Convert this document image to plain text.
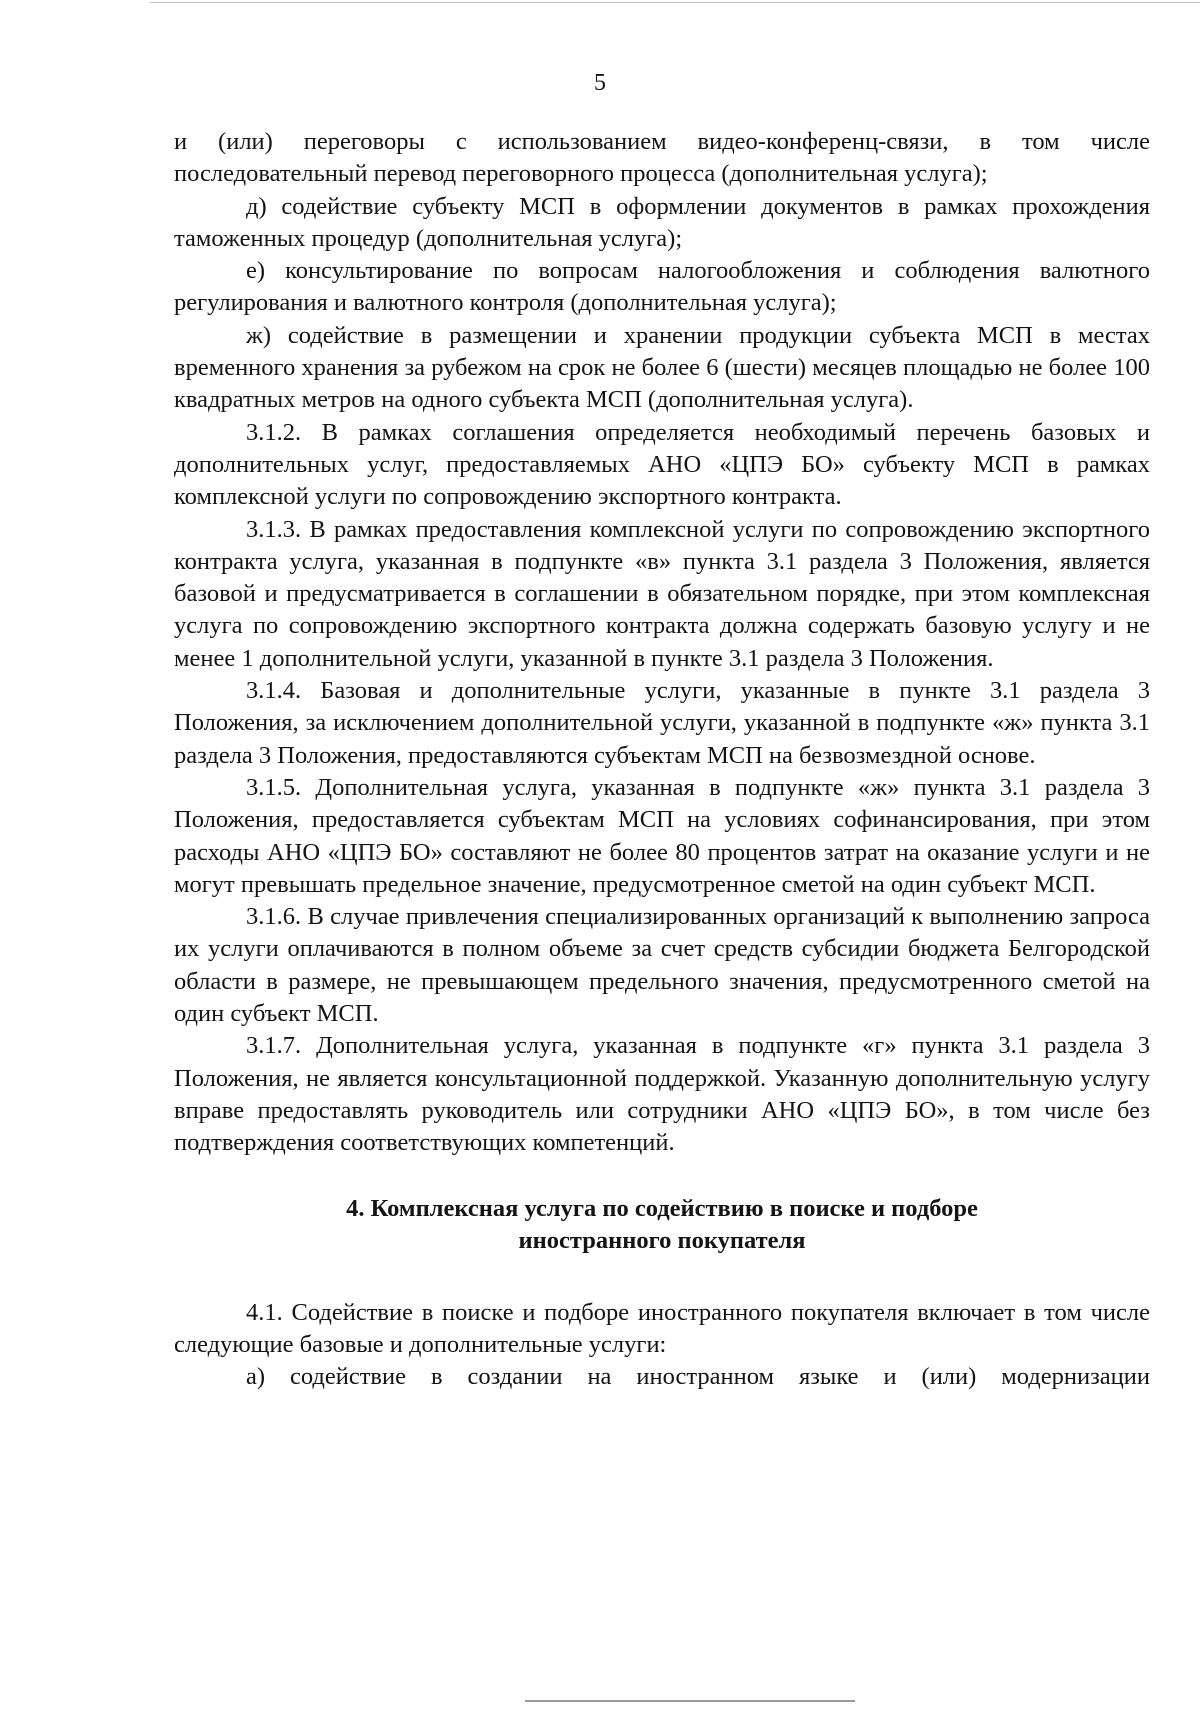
5

и (или) переговоры с использованием видео-конференц-связи, в том числе последовательный перевод переговорного процесса (дополнительная услуга);

д) содействие субъекту МСП в оформлении документов в рамках прохождения таможенных процедур (дополнительная услуга);

е) консультирование по вопросам налогообложения и соблюдения валютного регулирования и валютного контроля (дополнительная услуга);

ж) содействие в размещении и хранении продукции субъекта МСП в местах временного хранения за рубежом на срок не более 6 (шести) месяцев площадью не более 100 квадратных метров на одного субъекта МСП (дополнительная услуга).

3.1.2. В рамках соглашения определяется необходимый перечень базовых и дополнительных услуг, предоставляемых АНО «ЦПЭ БО» субъекту МСП в рамках комплексной услуги по сопровождению экспортного контракта.

3.1.3. В рамках предоставления комплексной услуги по сопровождению экспортного контракта услуга, указанная в подпункте «в» пункта 3.1 раздела 3 Положения, является базовой и предусматривается в соглашении в обязательном порядке, при этом комплексная услуга по сопровождению экспортного контракта должна содержать базовую услугу и не менее 1 дополнительной услуги, указанной в пункте 3.1 раздела 3 Положения.

3.1.4. Базовая и дополнительные услуги, указанные в пункте 3.1 раздела 3 Положения, за исключением дополнительной услуги, указанной в подпункте «ж» пункта 3.1 раздела 3 Положения, предоставляются субъектам МСП на безвозмездной основе.

3.1.5. Дополнительная услуга, указанная в подпункте «ж» пункта 3.1 раздела 3 Положения, предоставляется субъектам МСП на условиях софинансирования, при этом расходы АНО «ЦПЭ БО» составляют не более 80 процентов затрат на оказание услуги и не могут превышать предельное значение, предусмотренное сметой на один субъект МСП.

3.1.6. В случае привлечения специализированных организаций к выполнению запроса их услуги оплачиваются в полном объеме за счет средств субсидии бюджета Белгородской области в размере, не превышающем предельного значения, предусмотренного сметой на один субъект МСП.

3.1.7. Дополнительная услуга, указанная в подпункте «г» пункта 3.1 раздела 3 Положения, не является консультационной поддержкой. Указанную дополнительную услугу вправе предоставлять руководитель или сотрудники АНО «ЦПЭ БО», в том числе без подтверждения соответствующих компетенций.

4. Комплексная услуга по содействию в поиске и подборе
иностранного покупателя

4.1. Содействие в поиске и подборе иностранного покупателя включает в том числе следующие базовые и дополнительные услуги:

а) содействие в создании на иностранном языке и (или) модернизации
